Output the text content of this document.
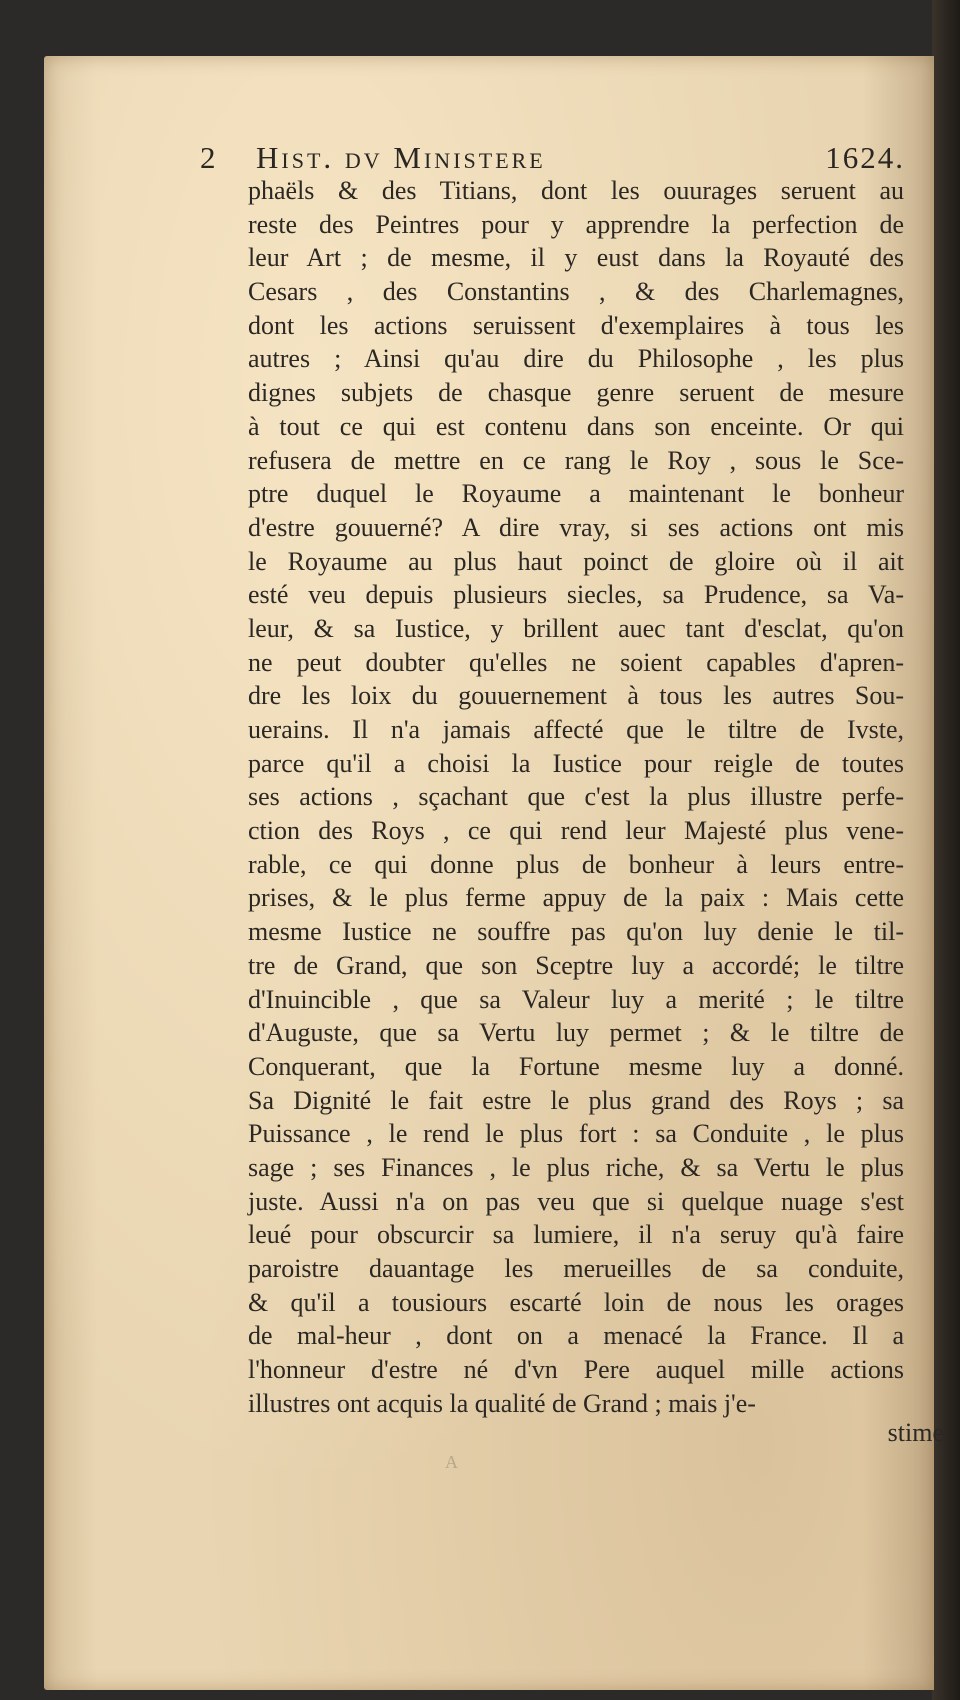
2 Hist. dv Ministere	1624.
phaëls & des Titians, dont les ouurages seruent au
reste des Peintres pour y apprendre la perfection de
leur Art ; de mesme, il y eust dans la Royauté des
Cesars , des Constantins , & des Charlemagnes,
dont les actions seruissent d'exemplaires à tous les
autres ; Ainsi qu'au dire du Philosophe , les plus
dignes subjets de chasque genre seruent de mesure
à tout ce qui est contenu dans son enceinte. Or qui
refusera de mettre en ce rang le Roy , sous le Sce-
ptre duquel le Royaume a maintenant le bonheur
d'estre gouuerné? A dire vray, si ses actions ont mis
le Royaume au plus haut poinct de gloire où il ait
esté veu depuis plusieurs siecles, sa Prudence, sa Va-
leur, & sa Iustice, y brillent auec tant d'esclat, qu'on
ne peut doubter qu'elles ne soient capables d'apren-
dre les loix du gouuernement à tous les autres Sou-
uerains. Il n'a jamais affecté que le tiltre de Ivste,
parce qu'il a choisi la Iustice pour reigle de toutes
ses actions , sçachant que c'est la plus illustre perfe-
ction des Roys , ce qui rend leur Majesté plus vene-
rable, ce qui donne plus de bonheur à leurs entre-
prises, & le plus ferme appuy de la paix : Mais cette
mesme Iustice ne souffre pas qu'on luy denie le til-
tre de Grand, que son Sceptre luy a accordé; le tiltre
d'Inuincible , que sa Valeur luy a merité ; le tiltre
d'Auguste, que sa Vertu luy permet ; & le tiltre de
Conquerant, que la Fortune mesme luy a donné.
Sa Dignité le fait estre le plus grand des Roys ; sa
Puissance , le rend le plus fort : sa Conduite , le plus
sage ; ses Finances , le plus riche, & sa Vertu le plus
juste. Aussi n'a on pas veu que si quelque nuage s'est
leué pour obscurcir sa lumiere, il n'a seruy qu'à faire
paroistre dauantage les merueilles de sa conduite,
& qu'il a tousiours escarté loin de nous les orages
de mal-heur , dont on a menacé la France. Il a
l'honneur d'estre né d'vn Pere auquel mille actions
illustres ont acquis la qualité de Grand ; mais j'e-
stime
A
